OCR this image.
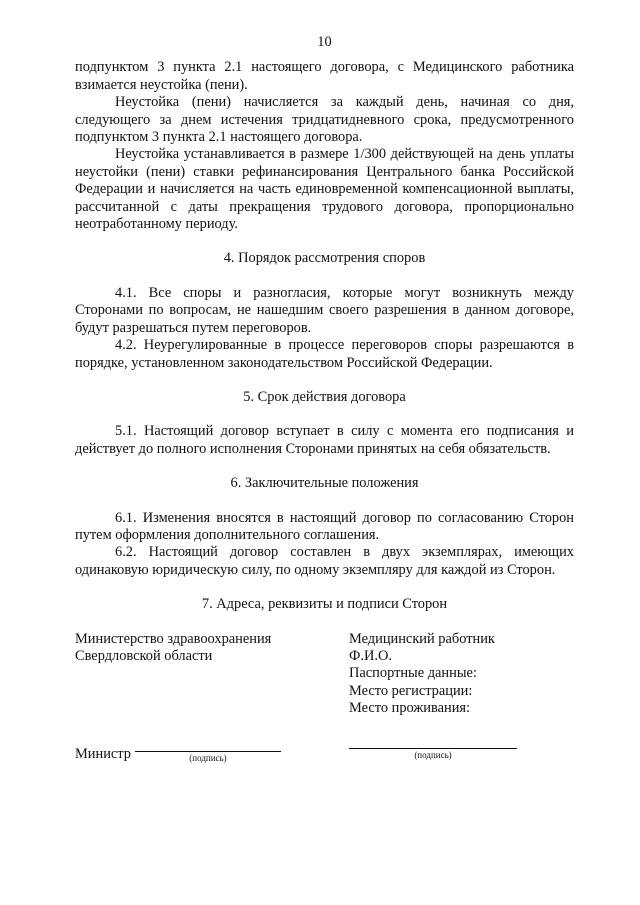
10

подпунктом 3 пункта 2.1 настоящего договора, с Медицинского работника взимается неустойка (пени).

Неустойка (пени) начисляется за каждый день, начиная со дня, следующего за днем истечения тридцатидневного срока, предусмотренного подпунктом 3 пункта 2.1 настоящего договора.

Неустойка устанавливается в размере 1/300 действующей на день уплаты неустойки (пени) ставки рефинансирования Центрального банка Российской Федерации и начисляется на часть единовременной компенсационной выплаты, рассчитанной с даты прекращения трудового договора, пропорционально неотработанному периоду.

4. Порядок рассмотрения споров

4.1. Все споры и разногласия, которые могут возникнуть между Сторонами по вопросам, не нашедшим своего разрешения в данном договоре, будут разрешаться путем переговоров.

4.2. Неурегулированные в процессе переговоров споры разрешаются в порядке, установленном законодательством Российской Федерации.

5. Срок действия договора

5.1. Настоящий договор вступает в силу с момента его подписания и действует до полного исполнения Сторонами принятых на себя обязательств.

6. Заключительные положения

6.1. Изменения вносятся в настоящий договор по согласованию Сторон путем оформления дополнительного соглашения.

6.2. Настоящий договор составлен в двух экземплярах, имеющих одинаковую юридическую силу, по одному экземпляру для каждой из Сторон.

7. Адреса, реквизиты и подписи Сторон
Министерство здравоохранения
Свердловской области
Медицинский работник
Ф.И.О.
Паспортные данные:
Место регистрации:
Место проживания:
Министр	(подпись)	(подпись)
